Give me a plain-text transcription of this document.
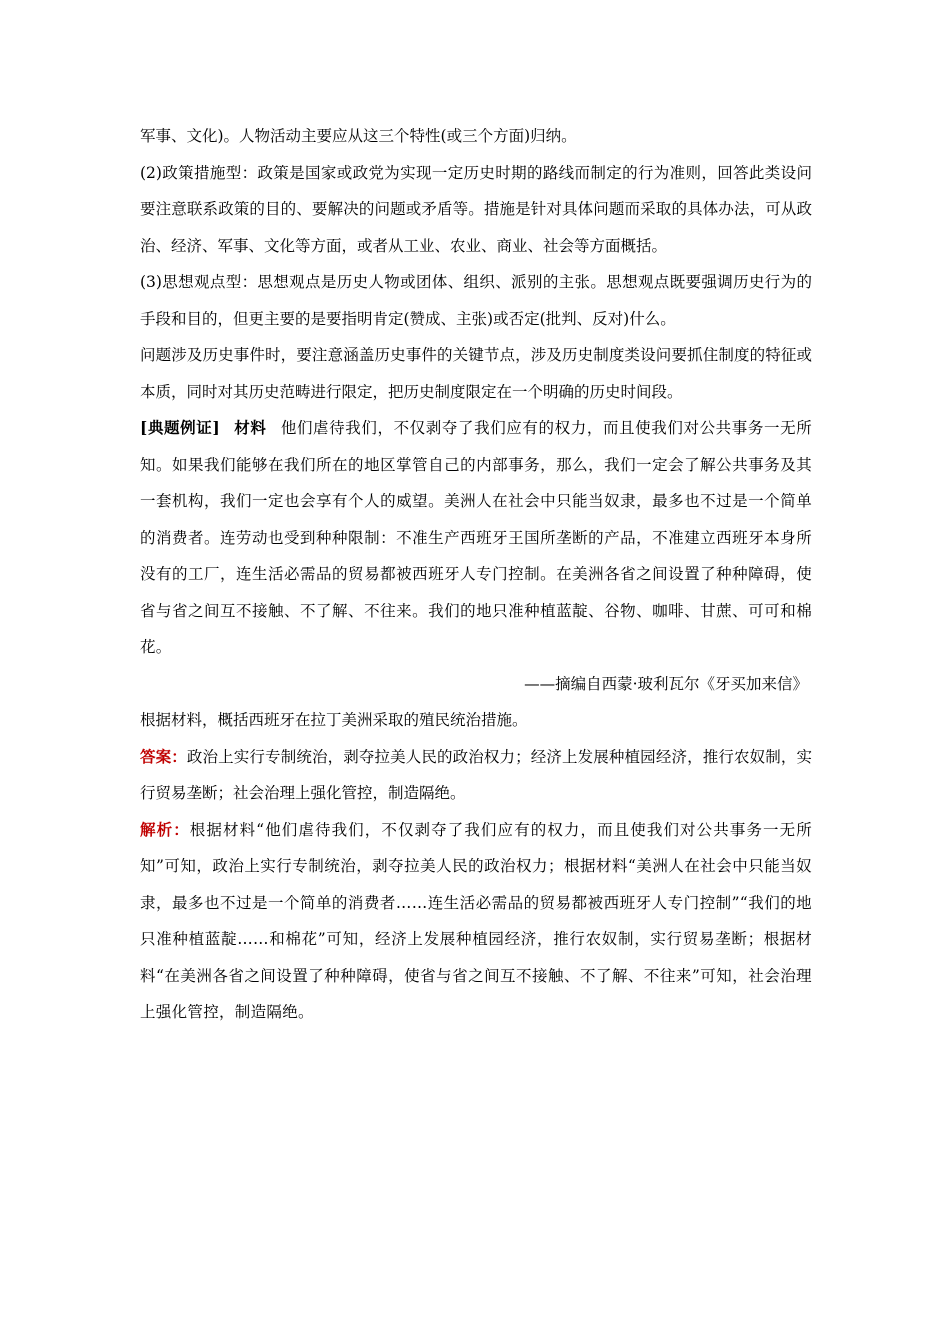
军事、文化)。人物活动主要应从这三个特性(或三个方面)归纳。

(2)政策措施型：政策是国家或政党为实现一定历史时期的路线而制定的行为准则，回答此类设问要注意联系政策的目的、要解决的问题或矛盾等。措施是针对具体问题而采取的具体办法，可从政治、经济、军事、文化等方面，或者从工业、农业、商业、社会等方面概括。

(3)思想观点型：思想观点是历史人物或团体、组织、派别的主张。思想观点既要强调历史行为的手段和目的，但更主要的是要指明肯定(赞成、主张)或否定(批判、反对)什么。

问题涉及历史事件时，要注意涵盖历史事件的关键节点，涉及历史制度类设问要抓住制度的特征或本质，同时对其历史范畴进行限定，把历史制度限定在一个明确的历史时间段。

[典题例证] 材料 他们虐待我们，不仅剥夺了我们应有的权力，而且使我们对公共事务一无所知。如果我们能够在我们所在的地区掌管自己的内部事务，那么，我们一定会了解公共事务及其一套机构，我们一定也会享有个人的威望。美洲人在社会中只能当奴隶，最多也不过是一个简单的消费者。连劳动也受到种种限制：不准生产西班牙王国所垄断的产品，不准建立西班牙本身所没有的工厂，连生活必需品的贸易都被西班牙人专门控制。在美洲各省之间设置了种种障碍，使省与省之间互不接触、不了解、不往来。我们的地只准种植蓝靛、谷物、咖啡、甘蔗、可可和棉花。

——摘编自西蒙·玻利瓦尔《牙买加来信》

根据材料，概括西班牙在拉丁美洲采取的殖民统治措施。

答案：政治上实行专制统治，剥夺拉美人民的政治权力；经济上发展种植园经济，推行农奴制，实行贸易垄断；社会治理上强化管控，制造隔绝。

解析：根据材料“他们虐待我们，不仅剥夺了我们应有的权力，而且使我们对公共事务一无所知”可知，政治上实行专制统治，剥夺拉美人民的政治权力；根据材料“美洲人在社会中只能当奴隶，最多也不过是一个简单的消费者……连生活必需品的贸易都被西班牙人专门控制”“我们的地只准种植蓝靛……和棉花”可知，经济上发展种植园经济，推行农奴制，实行贸易垄断；根据材料“在美洲各省之间设置了种种障碍，使省与省之间互不接触、不了解、不往来”可知，社会治理上强化管控，制造隔绝。
